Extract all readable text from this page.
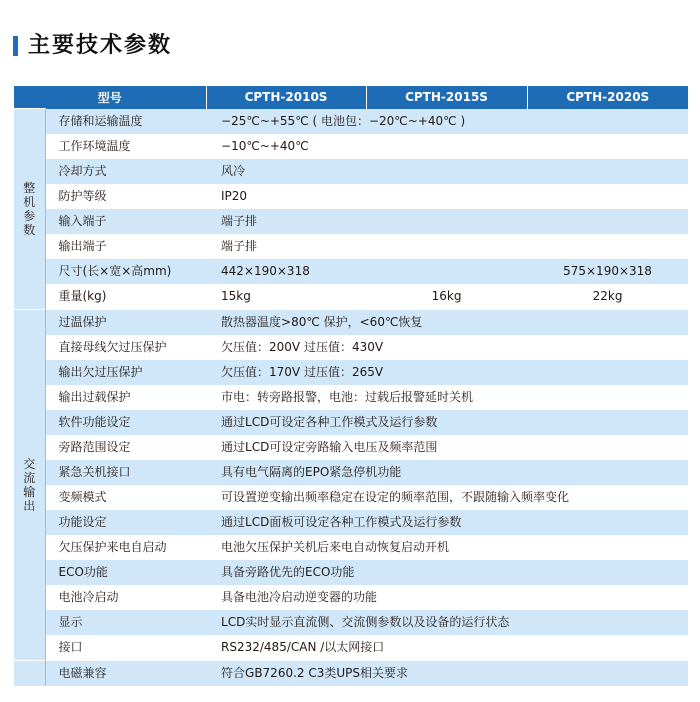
主要技术参数
型号		CPTH-2010S	CPTH-2015S	CPTH-2020S
整机参数	存储和运输温度	−25℃~+55℃ ( 电池包：−20℃~+40℃ )		
	工作环境温度	−10℃~+40℃		
	冷却方式	风冷		
	防护等级	IP20		
	输入端子	端子排		
	输出端子	端子排		
	尺寸(长×宽×高mm)	442×190×318		575×190×318
	重量(kg)	15kg	16kg	22kg
交流输出	过温保护	散热器温度>80℃ 保护，<60℃恢复		
	直接母线欠过压保护	欠压值：200V 过压值：430V		
	输出欠过压保护	欠压值：170V 过压值：265V		
	输出过载保护	市电：转旁路报警，电池：过载后报警延时关机		
	软件功能设定	通过LCD可设定各种工作模式及运行参数		
	旁路范围设定	通过LCD可设定旁路输入电压及频率范围		
	紧急关机接口	具有电气隔离的EPO紧急停机功能		
	变频模式	可设置逆变输出频率稳定在设定的频率范围，不跟随输入频率变化		
	功能设定	通过LCD面板可设定各种工作模式及运行参数		
	欠压保护来电自启动	电池欠压保护关机后来电自动恢复启动开机		
	ECO功能	具备旁路优先的ECO功能		
	电池冷启动	具备电池冷启动逆变器的功能		
	显示	LCD实时显示直流侧、交流侧参数以及设备的运行状态		
	接口	RS232/485/CAN /以太网接口		
	电磁兼容	符合GB7260.2 C3类UPS相关要求		
